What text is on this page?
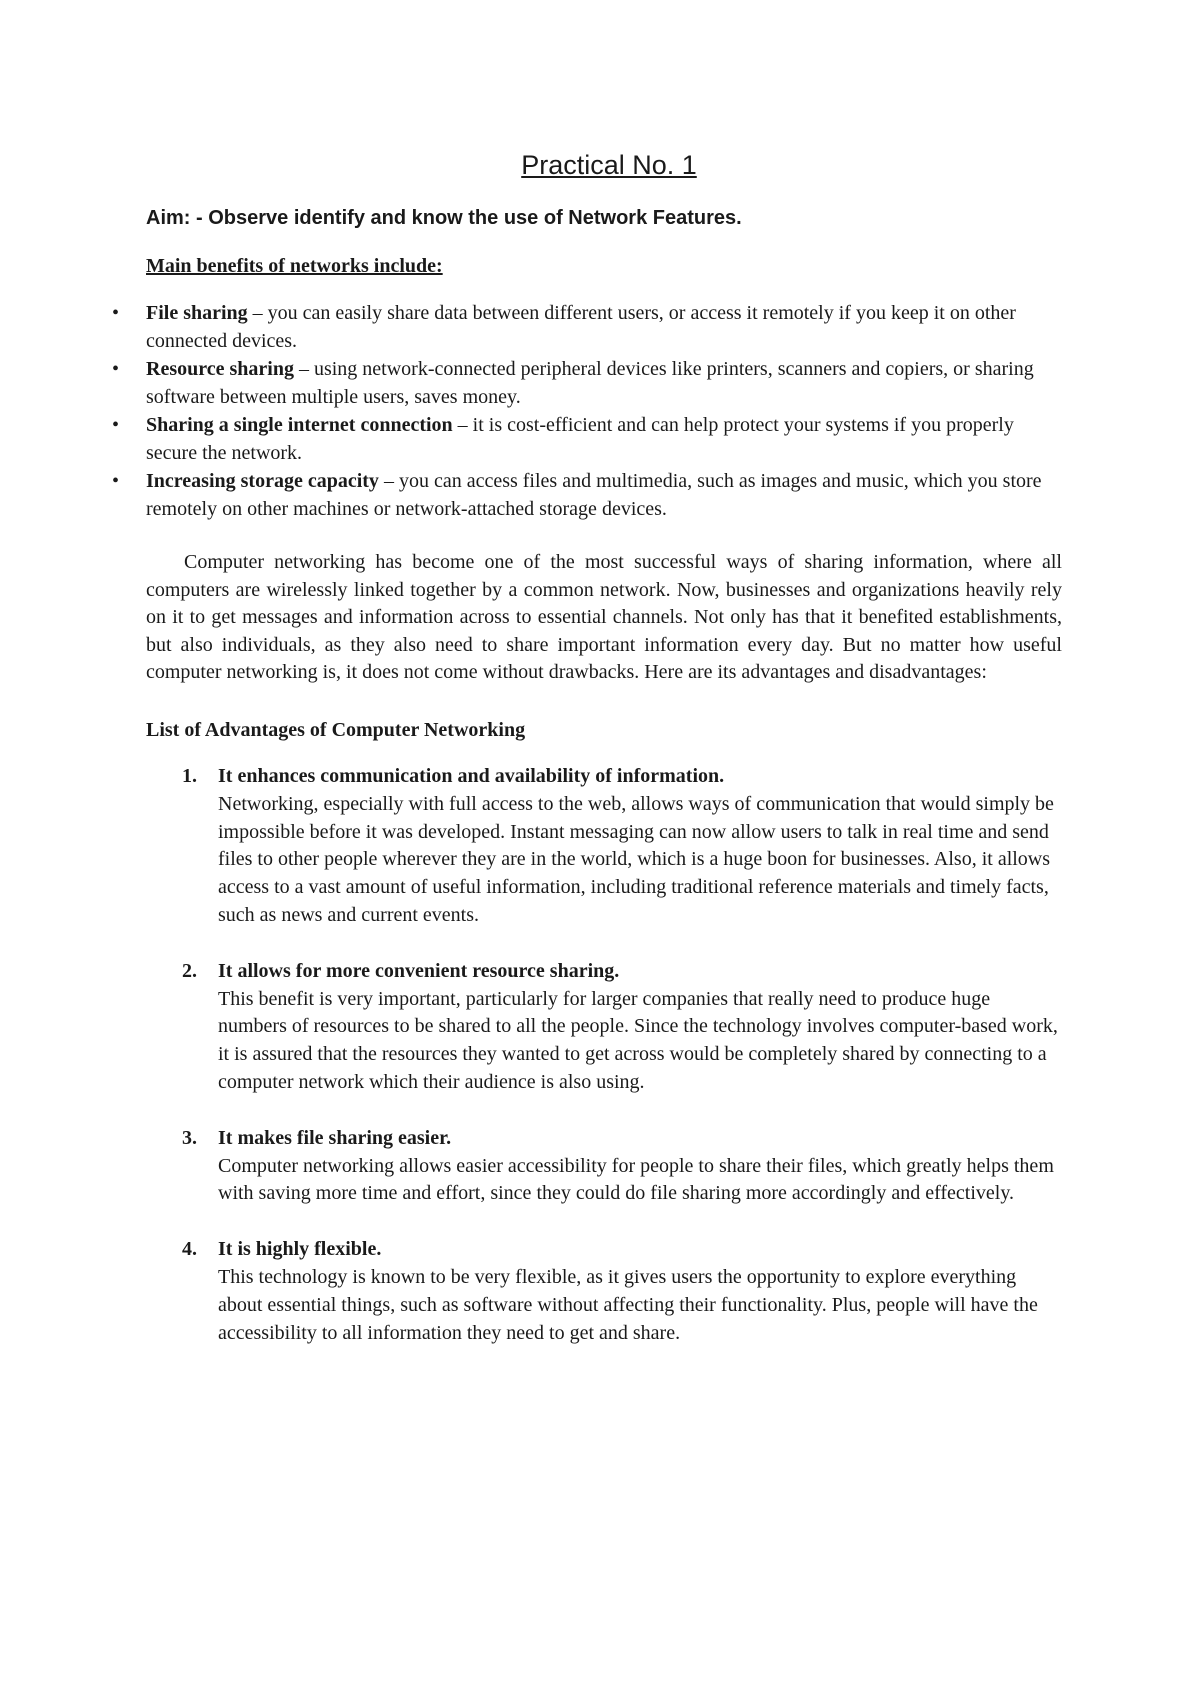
Practical No. 1

Aim: - Observe identify and know the use of Network Features.

Main benefits of networks include:

• File sharing – you can easily share data between different users, or access it remotely if you keep it on other connected devices.
• Resource sharing – using network-connected peripheral devices like printers, scanners and copiers, or sharing software between multiple users, saves money.
• Sharing a single internet connection – it is cost-efficient and can help protect your systems if you properly secure the network.
• Increasing storage capacity – you can access files and multimedia, such as images and music, which you store remotely on other machines or network-attached storage devices.

Computer networking has become one of the most successful ways of sharing information, where all computers are wirelessly linked together by a common network. Now, businesses and organizations heavily rely on it to get messages and information across to essential channels. Not only has that it benefited establishments, but also individuals, as they also need to share important information every day. But no matter how useful computer networking is, it does not come without drawbacks. Here are its advantages and disadvantages:

List of Advantages of Computer Networking

1. It enhances communication and availability of information.
Networking, especially with full access to the web, allows ways of communication that would simply be impossible before it was developed. Instant messaging can now allow users to talk in real time and send files to other people wherever they are in the world, which is a huge boon for businesses. Also, it allows access to a vast amount of useful information, including traditional reference materials and timely facts, such as news and current events.
2. It allows for more convenient resource sharing.
This benefit is very important, particularly for larger companies that really need to produce huge numbers of resources to be shared to all the people. Since the technology involves computer-based work, it is assured that the resources they wanted to get across would be completely shared by connecting to a computer network which their audience is also using.
3. It makes file sharing easier.
Computer networking allows easier accessibility for people to share their files, which greatly helps them with saving more time and effort, since they could do file sharing more accordingly and effectively.
4. It is highly flexible.
This technology is known to be very flexible, as it gives users the opportunity to explore everything about essential things, such as software without affecting their functionality. Plus, people will have the accessibility to all information they need to get and share.
